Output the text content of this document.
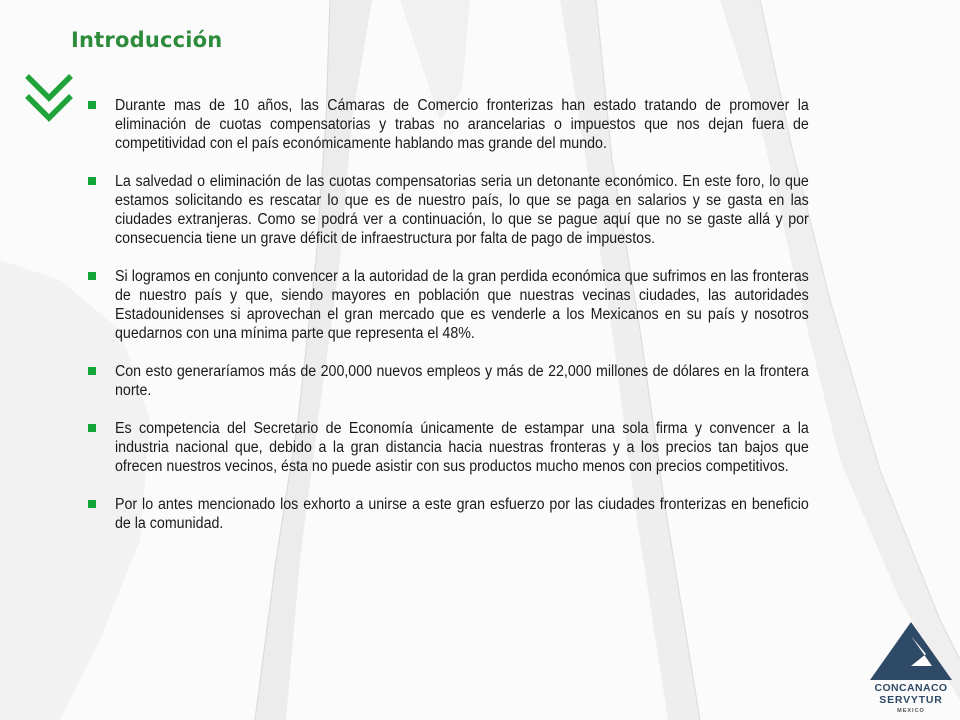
Introducción
Durante mas de 10 años, las Cámaras de Comercio fronterizas han estado tratando de promover la eliminación de cuotas compensatorias y trabas no arancelarias o impuestos que nos dejan fuera de competitividad con el país económicamente hablando mas grande del mundo.
La salvedad o eliminación de las cuotas compensatorias seria un detonante económico. En este foro, lo que estamos solicitando es rescatar lo que es de nuestro país, lo que se paga en salarios y se gasta en las ciudades extranjeras. Como se podrá ver a continuación, lo que se pague aquí que no se gaste allá y por consecuencia tiene un grave déficit de infraestructura por falta de pago de impuestos.
Si logramos en conjunto convencer a la autoridad de la gran perdida económica que sufrimos en las fronteras de nuestro país y que, siendo mayores en población que nuestras vecinas ciudades, las autoridades Estadounidenses si aprovechan el gran mercado que es venderle a los Mexicanos en su país y nosotros quedarnos con una mínima parte que representa el 48%.
Con esto generaríamos más de 200,000 nuevos empleos y más de 22,000 millones de dólares en la frontera norte.
Es competencia del Secretario de Economía únicamente de estampar una sola firma y convencer a la industria nacional que, debido a la gran distancia hacia nuestras fronteras y a los precios tan bajos que ofrecen nuestros vecinos, ésta no puede asistir con sus productos mucho menos con precios competitivos.
Por lo antes mencionado los exhorto a unirse a este gran esfuerzo por las ciudades fronterizas en beneficio de la comunidad.
CONCANACO
SERVYTUR
MEXICO
